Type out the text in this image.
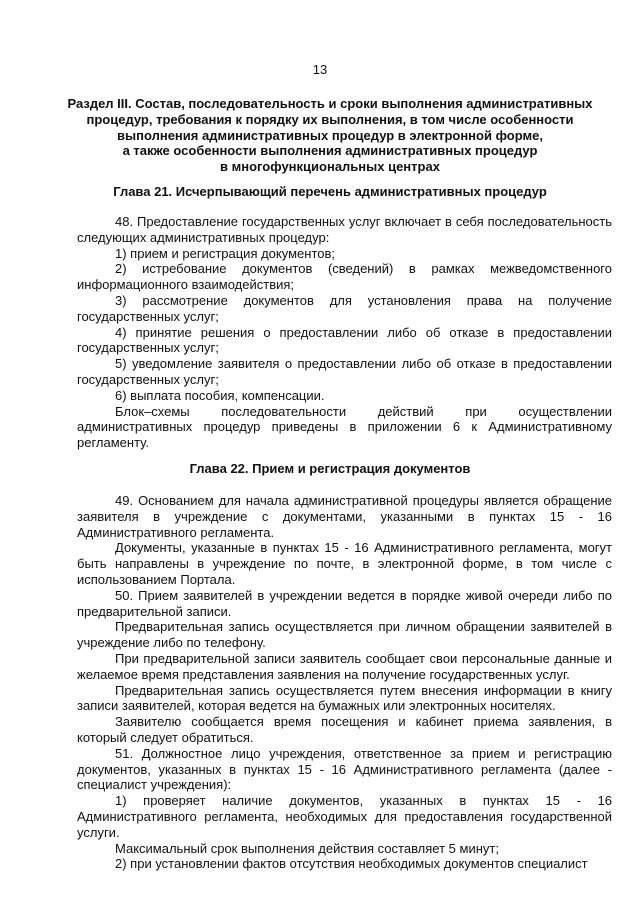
13
Раздел III. Состав, последовательность и сроки выполнения административных
процедур, требования к порядку их выполнения, в том числе особенности
выполнения административных процедур в электронной форме,
а также особенности выполнения административных процедур
в многофункциональных центрах
Глава 21. Исчерпывающий перечень административных процедур

48. Предоставление государственных услуг включает в себя последовательность следующих административных процедур:

1) прием и регистрация документов;

2) истребование документов (сведений) в рамках межведомственного информационного взаимодействия;

3) рассмотрение документов для установления права на получение государственных услуг;

4) принятие решения о предоставлении либо об отказе в предоставлении государственных услуг;

5) уведомление заявителя о предоставлении либо об отказе в предоставлении государственных услуг;

6) выплата пособия, компенсации.

Блок–схемы последовательности действий при осуществлении административных процедур приведены в приложении 6 к Административному регламенту.

Глава 22. Прием и регистрация документов

49. Основанием для начала административной процедуры является обращение заявителя в учреждение с документами, указанными в пунктах 15 - 16 Административного регламента.

Документы, указанные в пунктах 15 - 16 Административного регламента, могут быть направлены в учреждение по почте, в электронной форме, в том числе с использованием Портала.

50. Прием заявителей в учреждении ведется в порядке живой очереди либо по предварительной записи.

Предварительная запись осуществляется при личном обращении заявителей в учреждение либо по телефону.

При предварительной записи заявитель сообщает свои персональные данные и желаемое время представления заявления на получение государственных услуг.

Предварительная запись осуществляется путем внесения информации в книгу записи заявителей, которая ведется на бумажных или электронных носителях.

Заявителю сообщается время посещения и кабинет приема заявления, в который следует обратиться.

51. Должностное лицо учреждения, ответственное за прием и регистрацию документов, указанных в пунктах 15 - 16 Административного регламента (далее - специалист учреждения):

1) проверяет наличие документов, указанных в пунктах 15 - 16 Административного регламента, необходимых для предоставления государственной услуги.

Максимальный срок выполнения действия составляет 5 минут;

2) при установлении фактов отсутствия необходимых документов специалист
